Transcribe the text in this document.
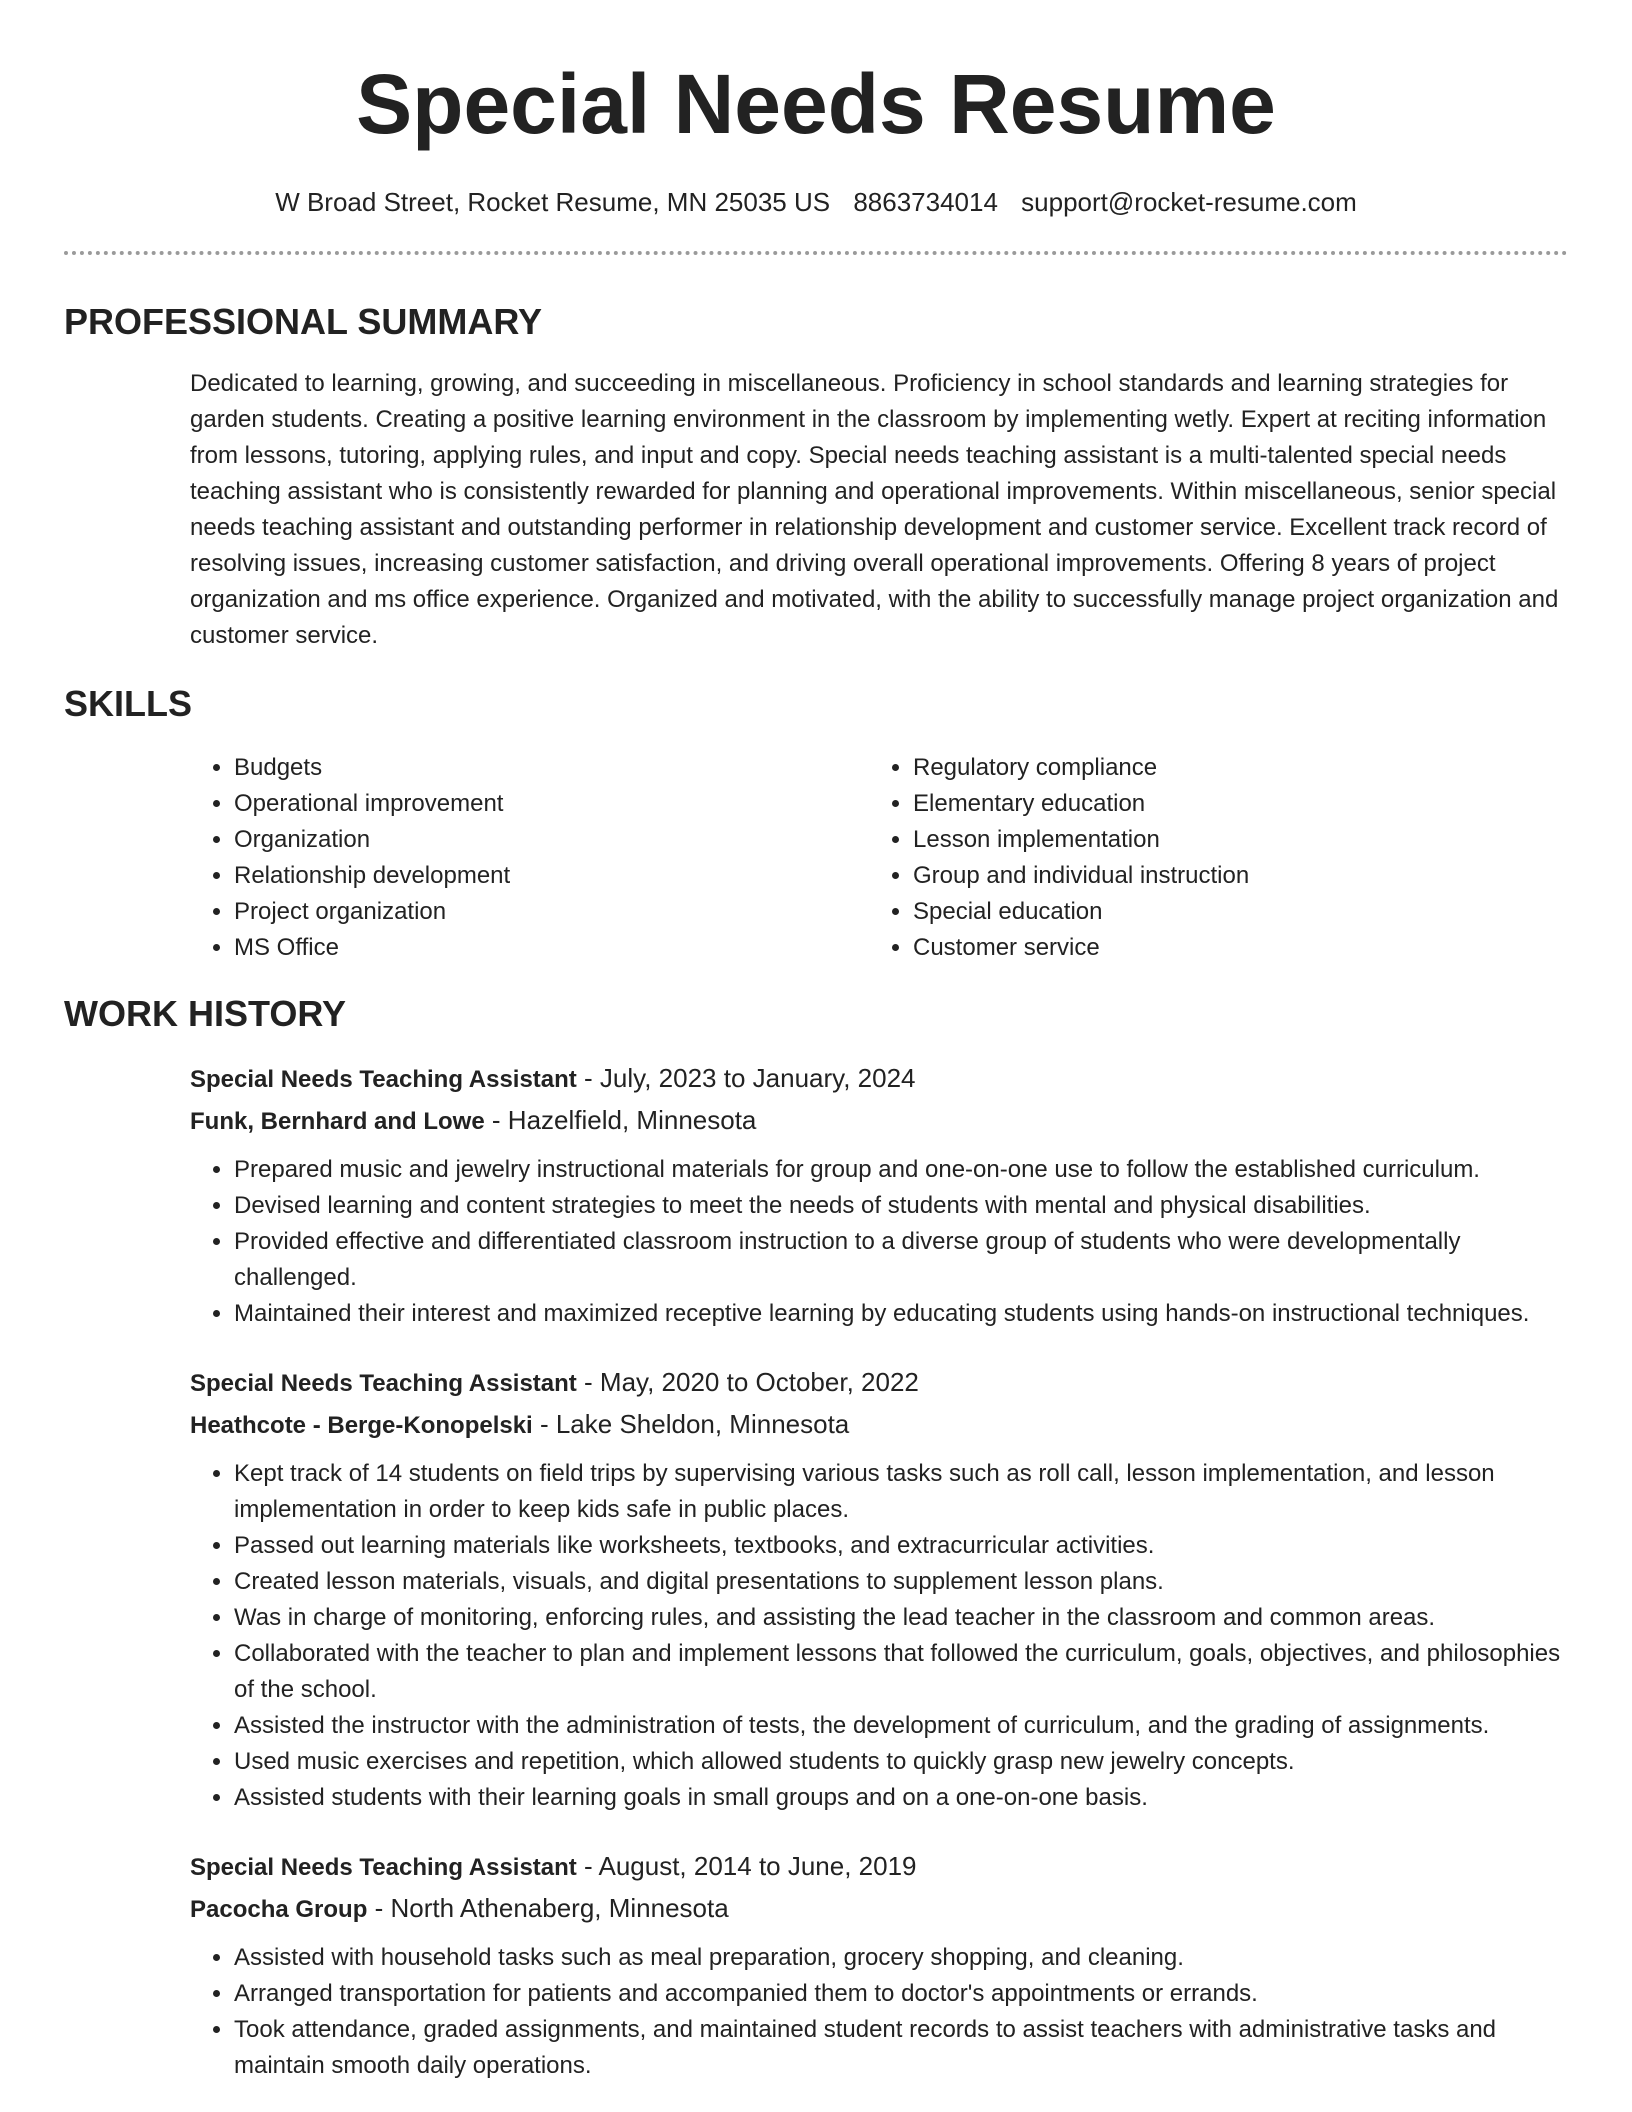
Special Needs Resume
W Broad Street, Rocket Resume, MN 25035 US 8863734014 support@rocket-resume.com
PROFESSIONAL SUMMARY

Dedicated to learning, growing, and succeeding in miscellaneous. Proficiency in school standards and learning strategies for garden students. Creating a positive learning environment in the classroom by implementing wetly. Expert at reciting information from lessons, tutoring, applying rules, and input and copy. Special needs teaching assistant is a multi-talented special needs teaching assistant who is consistently rewarded for planning and operational improvements. Within miscellaneous, senior special needs teaching assistant and outstanding performer in relationship development and customer service. Excellent track record of resolving issues, increasing customer satisfaction, and driving overall operational improvements. Offering 8 years of project organization and ms office experience. Organized and motivated, with the ability to successfully manage project organization and customer service.

SKILLS
• Budgets
• Operational improvement
• Organization
• Relationship development
• Project organization
• MS Office
• Regulatory compliance
• Elementary education
• Lesson implementation
• Group and individual instruction
• Special education
• Customer service
WORK HISTORY
Special Needs Teaching Assistant - July, 2023 to January, 2024
Funk, Bernhard and Lowe - Hazelfield, Minnesota
• Prepared music and jewelry instructional materials for group and one-on-one use to follow the established curriculum.
• Devised learning and content strategies to meet the needs of students with mental and physical disabilities.
• Provided effective and differentiated classroom instruction to a diverse group of students who were developmentally challenged.
• Maintained their interest and maximized receptive learning by educating students using hands-on instructional techniques.
Special Needs Teaching Assistant - May, 2020 to October, 2022
Heathcote - Berge-Konopelski - Lake Sheldon, Minnesota
• Kept track of 14 students on field trips by supervising various tasks such as roll call, lesson implementation, and lesson implementation in order to keep kids safe in public places.
• Passed out learning materials like worksheets, textbooks, and extracurricular activities.
• Created lesson materials, visuals, and digital presentations to supplement lesson plans.
• Was in charge of monitoring, enforcing rules, and assisting the lead teacher in the classroom and common areas.
• Collaborated with the teacher to plan and implement lessons that followed the curriculum, goals, objectives, and philosophies of the school.
• Assisted the instructor with the administration of tests, the development of curriculum, and the grading of assignments.
• Used music exercises and repetition, which allowed students to quickly grasp new jewelry concepts.
• Assisted students with their learning goals in small groups and on a one-on-one basis.
Special Needs Teaching Assistant - August, 2014 to June, 2019
Pacocha Group - North Athenaberg, Minnesota
• Assisted with household tasks such as meal preparation, grocery shopping, and cleaning.
• Arranged transportation for patients and accompanied them to doctor's appointments or errands.
• Took attendance, graded assignments, and maintained student records to assist teachers with administrative tasks and maintain smooth daily operations.
